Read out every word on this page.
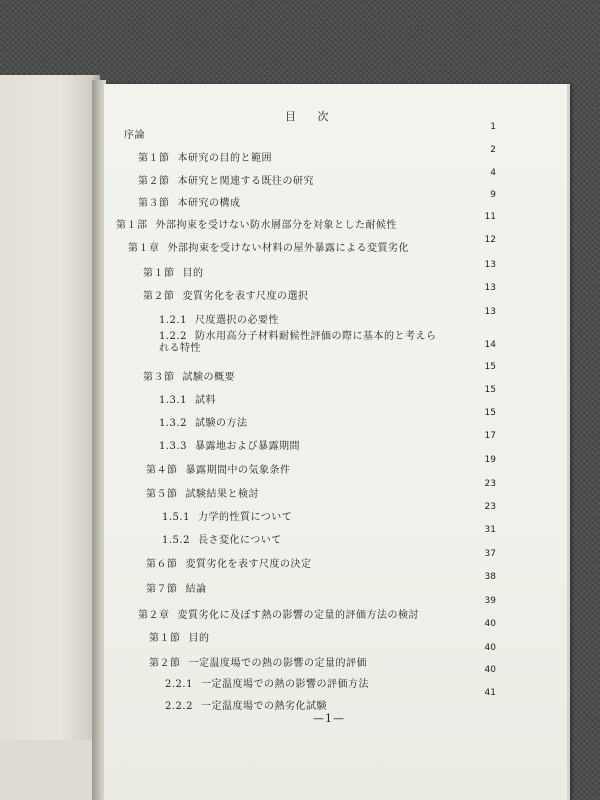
目 次
序論
1
第１節 本研究の目的と範囲
2
第２節 本研究と関連する既往の研究
4
第３節 本研究の構成
9
第１部 外部拘束を受けない防水層部分を対象とした耐候性
11
第１章 外部拘束を受けない材料の屋外暴露による変質劣化
12
第１節 目的
13
第２節 変質劣化を表す尺度の選択
13
1.2.1 尺度選択の必要性
13
1.2.2 防水用高分子材料耐候性評価の際に基本的と考えられる特性	14
第３節 試験の概要
15
1.3.1 試料
15
1.3.2 試験の方法
15
1.3.3 暴露地および暴露期間
17
第４節 暴露期間中の気象条件
19
第５節 試験結果と検討
23
1.5.1 力学的性質について
23
1.5.2 長さ変化について
31
第６節 変質劣化を表す尺度の決定
37
第７節 結論
38
第２章 変質劣化に及ぼす熱の影響の定量的評価方法の検討
39
第１節 目的
40
第２節 一定温度場での熱の影響の定量的評価
40
2.2.1 一定温度場での熱の影響の評価方法
40
2.2.2 一定温度場での熱劣化試験
41
—1—
